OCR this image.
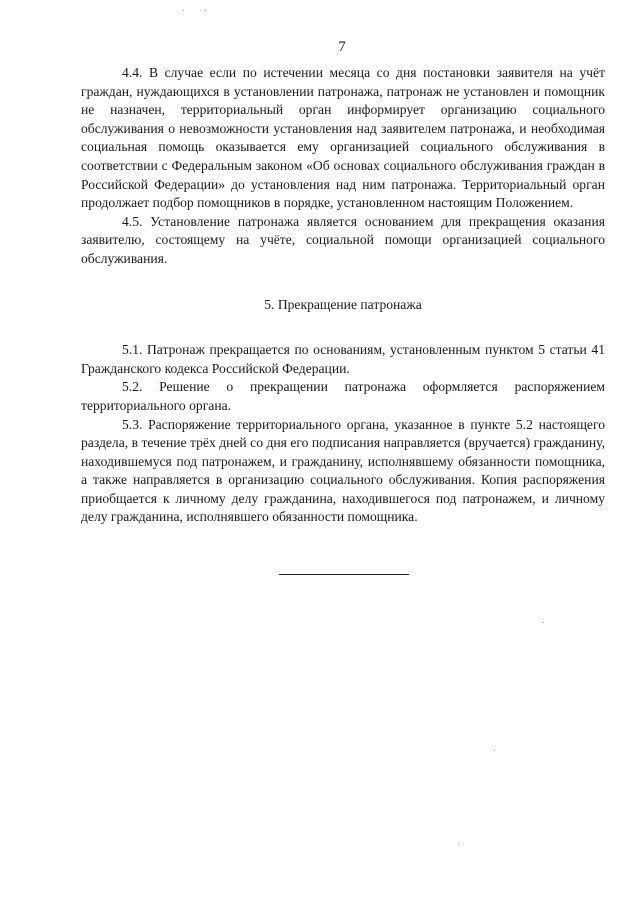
7

4.4. В случае если по истечении месяца со дня постановки заявителя на учёт граждан, нуждающихся в установлении патронажа, патронаж не установлен и помощник не назначен, территориальный орган информирует организацию социального обслуживания о невозможности установления над заявителем патронажа, и необходимая социальная помощь оказывается ему организацией социального обслуживания в соответствии с Федеральным законом «Об основах социального обслуживания граждан в Российской Федерации» до установления над ним патронажа. Территориальный орган продолжает подбор помощников в порядке, установленном настоящим Положением.

4.5. Установление патронажа является основанием для прекращения оказания заявителю, состоящему на учёте, социальной помощи организацией социального обслуживания.

5. Прекращение патронажа

5.1. Патронаж прекращается по основаниям, установленным пунктом 5 статьи 41 Гражданского кодекса Российской Федерации.

5.2. Решение о прекращении патронажа оформляется распоряжением территориального органа.

5.3. Распоряжение территориального органа, указанное в пункте 5.2 настоящего раздела, в течение трёх дней со дня его подписания направляется (вручается) гражданину, находившемуся под патронажем, и гражданину, исполнявшему обязанности помощника, а также направляется в организацию социального обслуживания. Копия распоряжения приобщается к личному делу гражданина, находившегося под патронажем, и личному делу гражданина, исполнявшего обязанности помощника.
